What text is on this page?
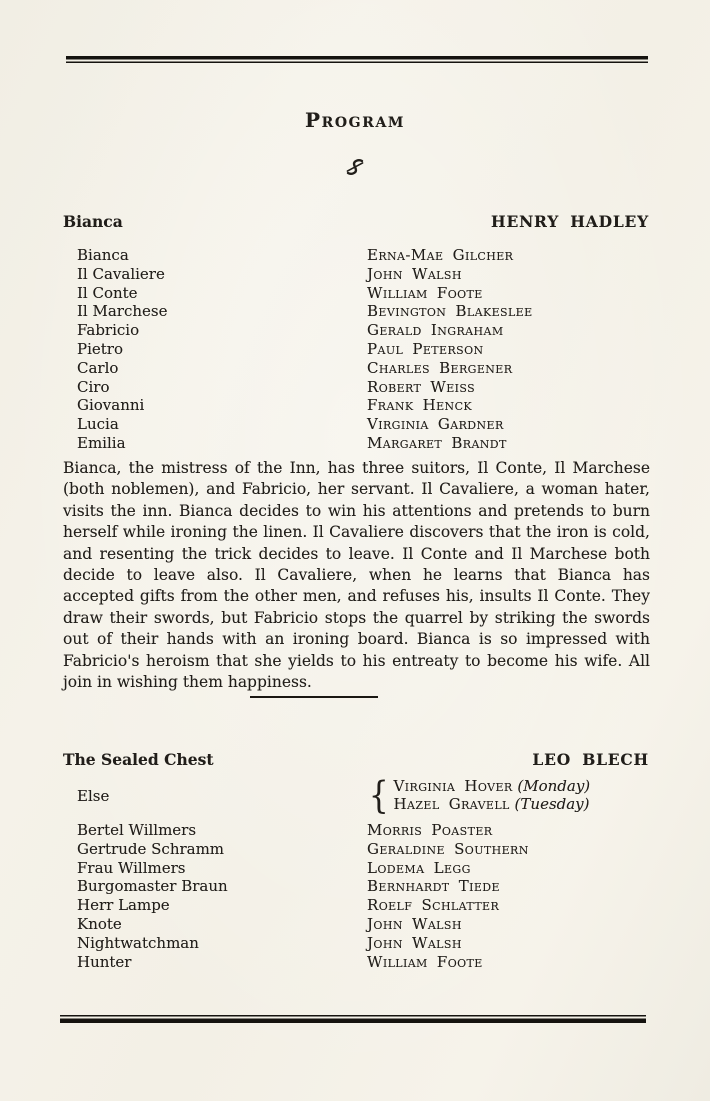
Program
Bianca	HENRY HADLEY
Bianca	Erna-Mae Gilcher
Il Cavaliere	John Walsh
Il Conte	William Foote
Il Marchese	Bevington Blakeslee
Fabricio	Gerald Ingraham
Pietro	Paul Peterson
Carlo	Charles Bergener
Ciro	Robert Weiss
Giovanni	Frank Henck
Lucia	Virginia Gardner
Emilia	Margaret Brandt
Bianca, the mistress of the Inn, has three suitors, Il Conte, Il Marchese (both noblemen), and Fabricio, her servant. Il Cavaliere, a woman hater, visits the inn. Bianca decides to win his attentions and pretends to burn herself while ironing the linen. Il Cavaliere discovers that the iron is cold, and resenting the trick decides to leave. Il Conte and Il Marchese both decide to leave also. Il Cavaliere, when he learns that Bianca has accepted gifts from the other men, and refuses his, insults Il Conte. They draw their swords, but Fabricio stops the quarrel by striking the swords out of their hands with an ironing board. Bianca is so impressed with Fabricio's heroism that she yields to his entreaty to become his wife. All join in wishing them happiness.
The Sealed Chest	LEO BLECH
Else	{ Virginia Hover (Monday)
Hazel Gravell (Tuesday)
Bertel Willmers	Morris Poaster
Gertrude Schramm	Geraldine Southern
Frau Willmers	Lodema Legg
Burgomaster Braun	Bernhardt Tiede
Herr Lampe	Roelf Schlatter
Knote	John Walsh
Nightwatchman	John Walsh
Hunter	William Foote
